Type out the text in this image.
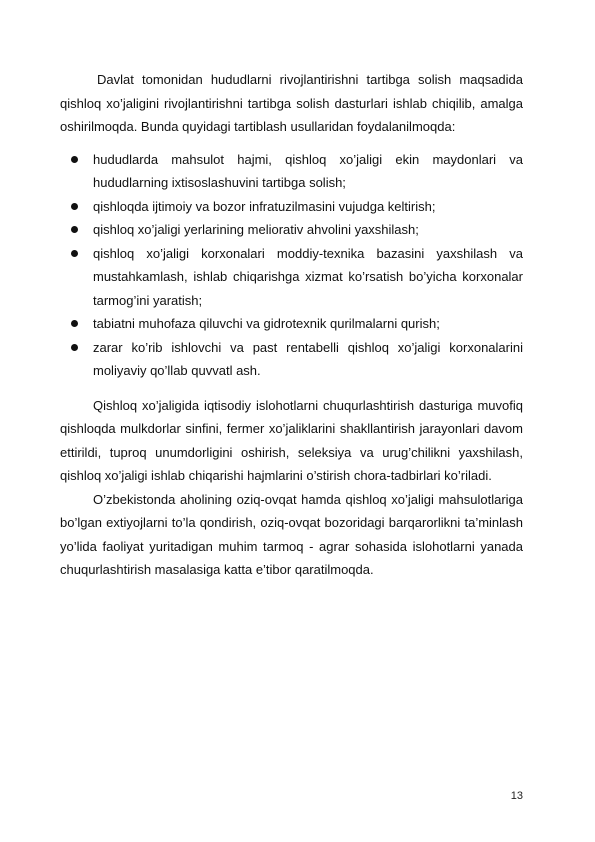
Davlat tomonidan hududlarni rivojlantirishni tartibga solish maqsadida qishloq xo’jaligini rivojlantirishni tartibga solish dasturlari ishlab chiqilib, amalga oshirilmoqda. Bunda quyidagi tartiblash usullaridan foydalanilmoqda:

hududlarda mahsulot hajmi, qishloq xo’jaligi ekin maydonlari va hududlarning ixtisoslashuvini tartibga solish;
qishloqda ijtimoiy va bozor infratuzilmasini vujudga keltirish;
qishloq xo’jaligi yerlarining meliorativ ahvolini yaxshilash;
qishloq xo’jaligi korxonalari moddiy-texnika bazasini yaxshilash va mustahkamlash, ishlab chiqarishga xizmat ko’rsatish bo’yicha korxonalar tarmog’ini yaratish;
tabiatni muhofaza qiluvchi va gidrotexnik qurilmalarni qurish;
zarar ko’rib ishlovchi va past rentabelli qishloq xo’jaligi korxonalarini moliyaviy qo’llab quvvatl ash.

Qishloq xo’jaligida iqtisodiy islohotlarni chuqurlashtirish dasturiga muvofiq qishloqda mulkdorlar sinfini, fermer xo’jaliklarini shakllantirish jarayonlari davom ettirildi, tuproq unumdorligini oshirish, seleksiya va urug’chilikni yaxshilash, qishloq xo’jaligi ishlab chiqarishi hajmlarini o’stirish chora-tadbirlari ko’riladi.

O’zbekistonda aholining oziq-ovqat hamda qishloq xo’jaligi mahsulotlariga bo’lgan extiyojlarni to’la qondirish, oziq-ovqat bozoridagi barqarorlikni ta’minlash yo’lida faoliyat yuritadigan muhim tarmoq - agrar sohasida islohotlarni yanada chuqurlashtirish masalasiga katta e’tibor qaratilmoqda.

13
